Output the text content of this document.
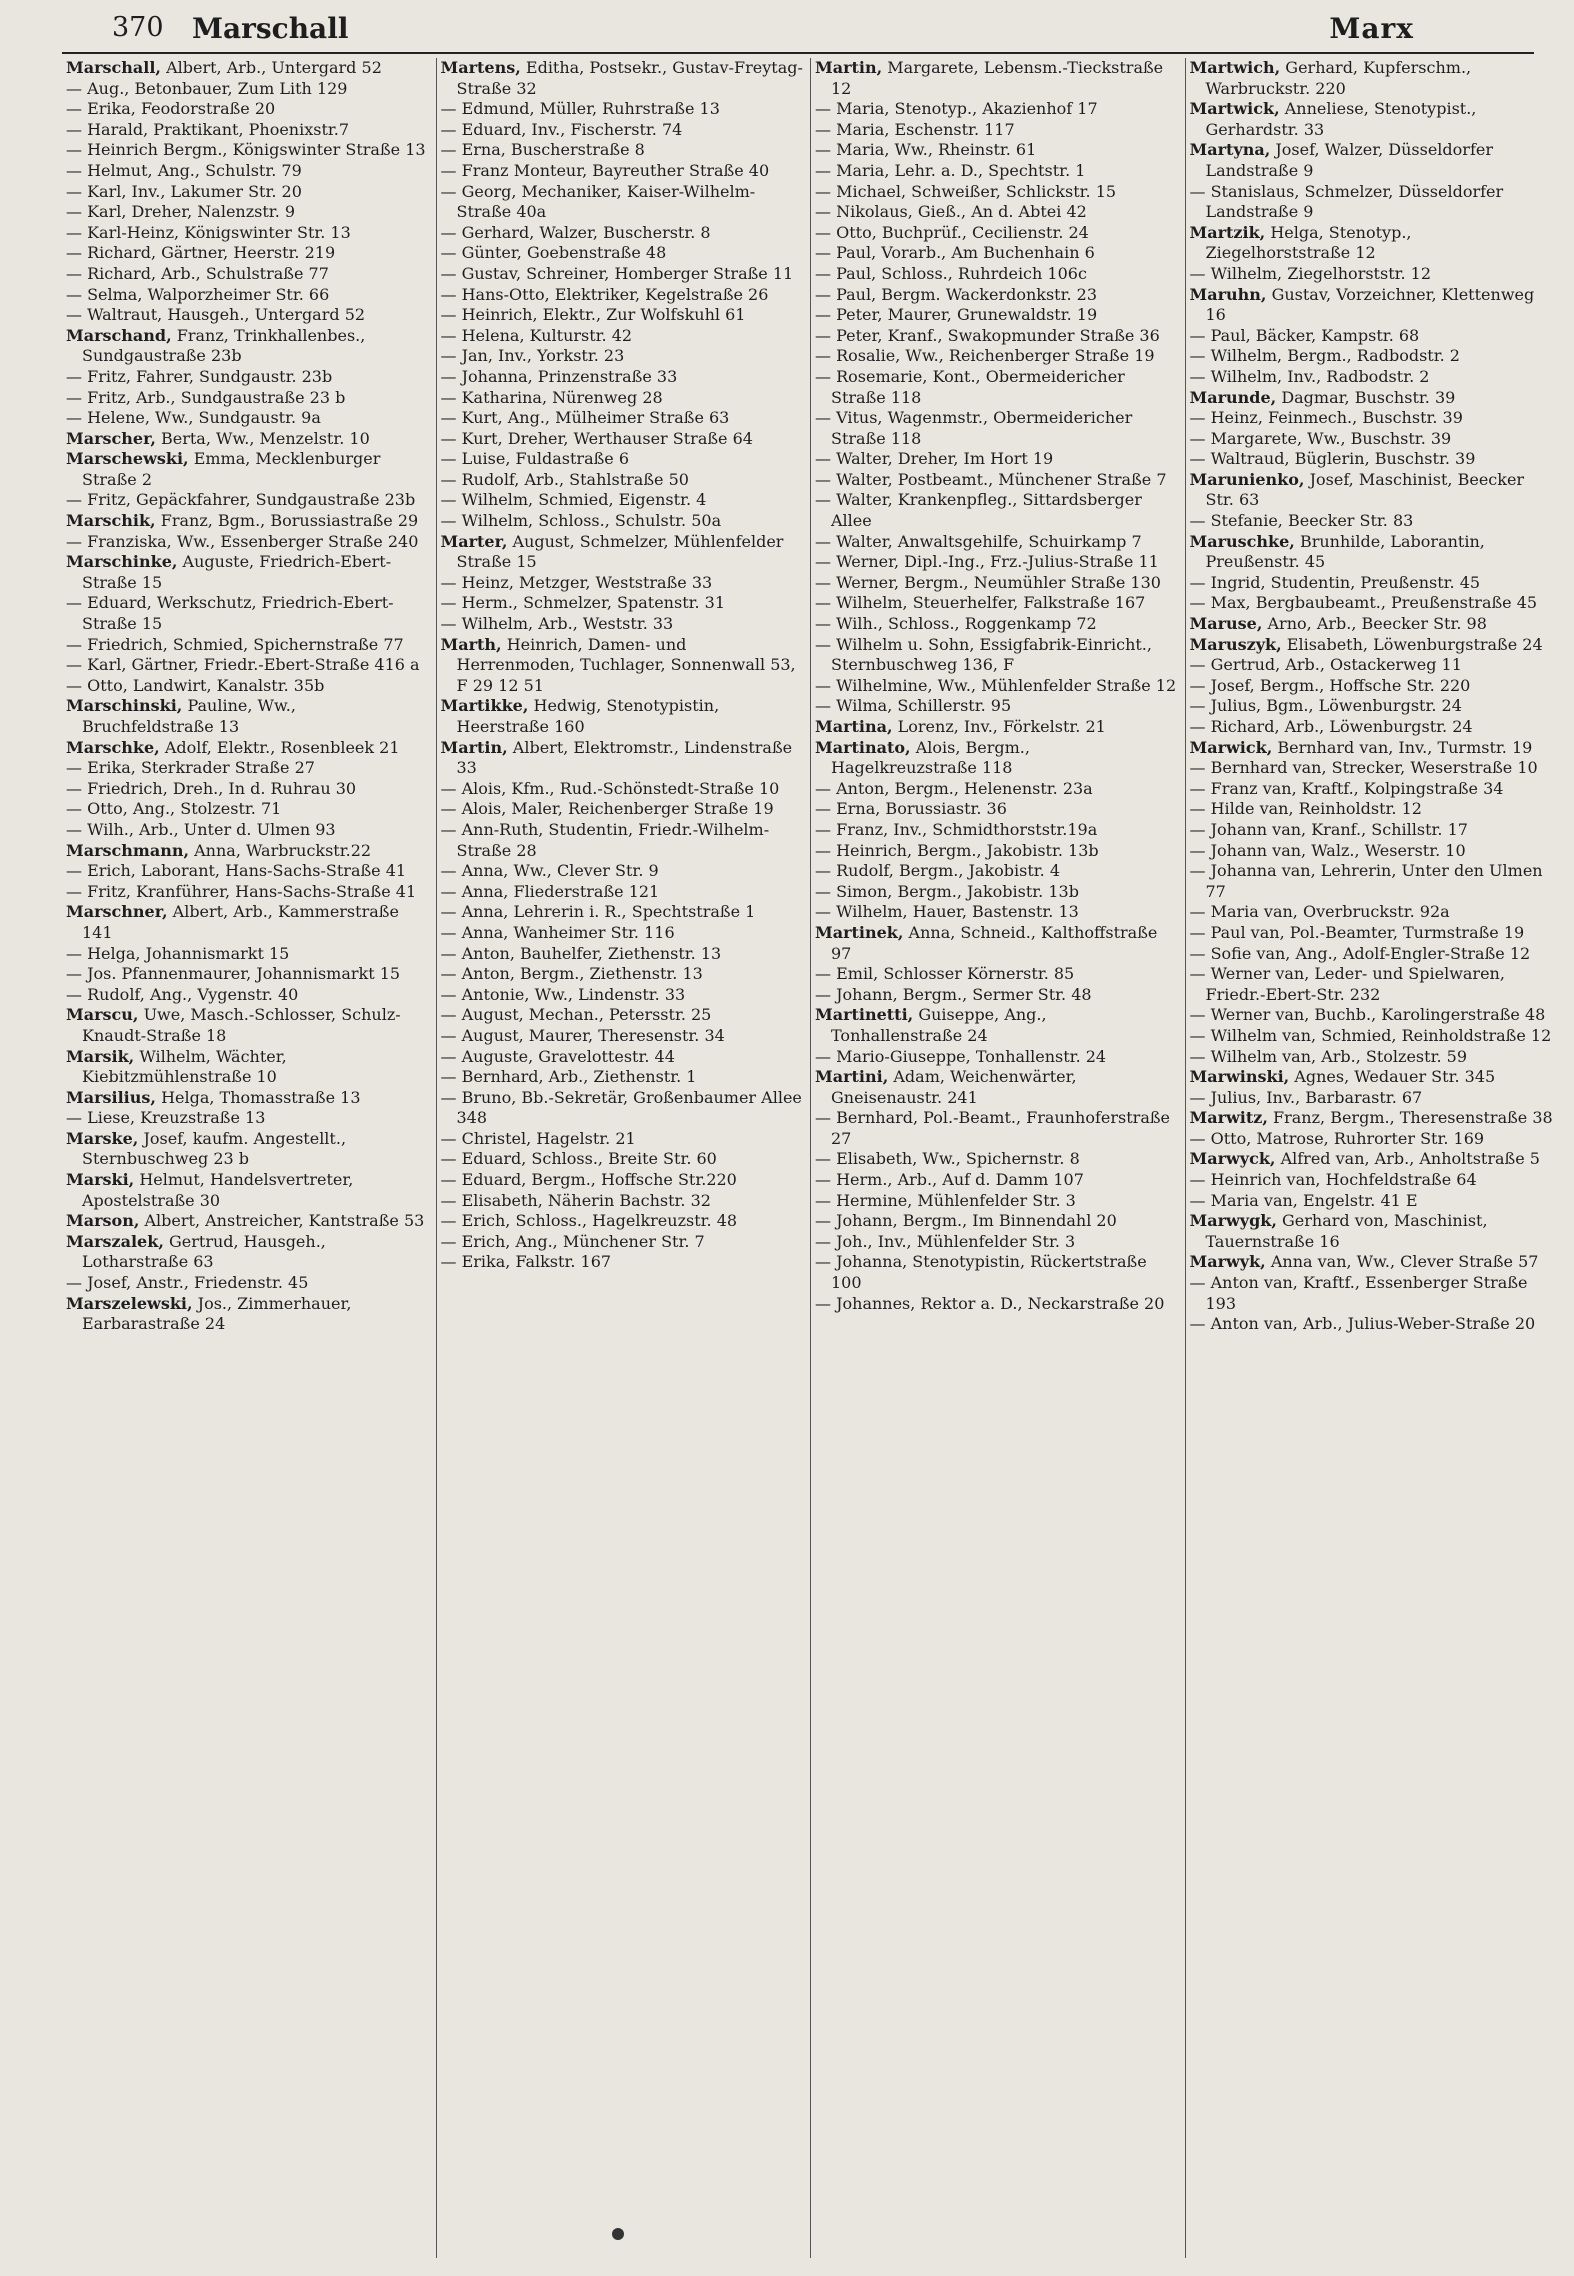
370 Marschall	Marx
Marschall, Albert, Arb., Untergard 52
— Aug., Betonbauer, Zum Lith 129
— Erika, Feodorstraße 20
— Harald, Praktikant, Phoenixstr.7
— Heinrich Bergm., Königswinter Straße 13
— Helmut, Ang., Schulstr. 79
— Karl, Inv., Lakumer Str. 20
— Karl, Dreher, Nalenzstr. 9
— Karl-Heinz, Königswinter Str. 13
— Richard, Gärtner, Heerstr. 219
— Richard, Arb., Schulstraße 77
— Selma, Walporzheimer Str. 66
— Waltraut, Hausgeh., Untergard 52
Marschand, Franz, Trinkhallenbes., Sundgaustraße 23b
— Fritz, Fahrer, Sundgaustr. 23b
— Fritz, Arb., Sundgaustraße 23 b
— Helene, Ww., Sundgaustr. 9a
Marscher, Berta, Ww., Menzelstr. 10
Marschewski, Emma, Mecklenburger Straße 2
— Fritz, Gepäckfahrer, Sundgaustraße 23b
Marschik, Franz, Bgm., Borussiastraße 29
— Franziska, Ww., Essenberger Straße 240
Marschinke, Auguste, Friedrich-Ebert-Straße 15
— Eduard, Werkschutz, Friedrich-Ebert-Straße 15
— Friedrich, Schmied, Spichernstraße 77
— Karl, Gärtner, Friedr.-Ebert-Straße 416 a
— Otto, Landwirt, Kanalstr. 35b
Marschinski, Pauline, Ww., Bruchfeldstraße 13
Marschke, Adolf, Elektr., Rosenbleek 21
— Erika, Sterkrader Straße 27
— Friedrich, Dreh., In d. Ruhrau 30
— Otto, Ang., Stolzestr. 71
— Wilh., Arb., Unter d. Ulmen 93
Marschmann, Anna, Warbruckstr.22
— Erich, Laborant, Hans-Sachs-Straße 41
— Fritz, Kranführer, Hans-Sachs-Straße 41
Marschner, Albert, Arb., Kammerstraße 141
— Helga, Johannismarkt 15
— Jos. Pfannenmaurer, Johannismarkt 15
— Rudolf, Ang., Vygenstr. 40
Marscu, Uwe, Masch.-Schlosser, Schulz-Knaudt-Straße 18
Marsik, Wilhelm, Wächter, Kiebitzmühlenstraße 10
Marsilius, Helga, Thomasstraße 13
— Liese, Kreuzstraße 13
Marske, Josef, kaufm. Angestellt., Sternbuschweg 23 b
Marski, Helmut, Handelsvertreter, Apostelstraße 30
Marson, Albert, Anstreicher, Kantstraße 53
Marszalek, Gertrud, Hausgeh., Lotharstraße 63
— Josef, Anstr., Friedenstr. 45
Marszelewski, Jos., Zimmerhauer, Earbarastraße 24
Martens, Editha, Postsekr., Gustav-Freytag-Straße 32
— Edmund, Müller, Ruhrstraße 13
— Eduard, Inv., Fischerstr. 74
— Erna, Buscherstraße 8
— Franz Monteur, Bayreuther Straße 40
— Georg, Mechaniker, Kaiser-Wilhelm-Straße 40a
— Gerhard, Walzer, Buscherstr. 8
— Günter, Goebenstraße 48
— Gustav, Schreiner, Homberger Straße 11
— Hans-Otto, Elektriker, Kegelstraße 26
— Heinrich, Elektr., Zur Wolfskuhl 61
— Helena, Kulturstr. 42
— Jan, Inv., Yorkstr. 23
— Johanna, Prinzenstraße 33
— Katharina, Nürenweg 28
— Kurt, Ang., Mülheimer Straße 63
— Kurt, Dreher, Werthauser Straße 64
— Luise, Fuldastraße 6
— Rudolf, Arb., Stahlstraße 50
— Wilhelm, Schmied, Eigenstr. 4
— Wilhelm, Schloss., Schulstr. 50a
Marter, August, Schmelzer, Mühlenfelder Straße 15
— Heinz, Metzger, Weststraße 33
— Herm., Schmelzer, Spatenstr. 31
— Wilhelm, Arb., Weststr. 33
Marth, Heinrich, Damen- und Herrenmoden, Tuchlager, Sonnenwall 53, F 29 12 51
Martikke, Hedwig, Stenotypistin, Heerstraße 160
Martin, Albert, Elektromstr., Lindenstraße 33
— Alois, Kfm., Rud.-Schönstedt-Straße 10
— Alois, Maler, Reichenberger Straße 19
— Ann-Ruth, Studentin, Friedr.-Wilhelm-Straße 28
— Anna, Ww., Clever Str. 9
— Anna, Fliederstraße 121
— Anna, Lehrerin i. R., Spechtstraße 1
— Anna, Wanheimer Str. 116
— Anton, Bauhelfer, Ziethenstr. 13
— Anton, Bergm., Ziethenstr. 13
— Antonie, Ww., Lindenstr. 33
— August, Mechan., Petersstr. 25
— August, Maurer, Theresenstr. 34
— Auguste, Gravelottestr. 44
— Bernhard, Arb., Ziethenstr. 1
— Bruno, Bb.-Sekretär, Großenbaumer Allee 348
— Christel, Hagelstr. 21
— Eduard, Schloss., Breite Str. 60
— Eduard, Bergm., Hoffsche Str.220
— Elisabeth, Näherin Bachstr. 32
— Erich, Schloss., Hagelkreuzstr. 48
— Erich, Ang., Münchener Str. 7
— Erika, Falkstr. 167
Martin, Margarete, Lebensm.-Tieckstraße 12
— Maria, Stenotyp., Akazienhof 17
— Maria, Eschenstr. 117
— Maria, Ww., Rheinstr. 61
— Maria, Lehr. a. D., Spechtstr. 1
— Michael, Schweißer, Schlickstr. 15
— Nikolaus, Gieß., An d. Abtei 42
— Otto, Buchprüf., Cecilienstr. 24
— Paul, Vorarb., Am Buchenhain 6
— Paul, Schloss., Ruhrdeich 106c
— Paul, Bergm. Wackerdonkstr. 23
— Peter, Maurer, Grunewaldstr. 19
— Peter, Kranf., Swakopmunder Straße 36
— Rosalie, Ww., Reichenberger Straße 19
— Rosemarie, Kont., Obermeidericher Straße 118
— Vitus, Wagenmstr., Obermeidericher Straße 118
— Walter, Dreher, Im Hort 19
— Walter, Postbeamt., Münchener Straße 7
— Walter, Krankenpfleg., Sittardsberger Allee
— Walter, Anwaltsgehilfe, Schuirkamp 7
— Werner, Dipl.-Ing., Frz.-Julius-Straße 11
— Werner, Bergm., Neumühler Straße 130
— Wilhelm, Steuerhelfer, Falkstraße 167
— Wilh., Schloss., Roggenkamp 72
— Wilhelm u. Sohn, Essigfabrik-Einricht., Sternbuschweg 136, F
— Wilhelmine, Ww., Mühlenfelder Straße 12
— Wilma, Schillerstr. 95
Martina, Lorenz, Inv., Förkelstr. 21
Martinato, Alois, Bergm., Hagelkreuzstraße 118
— Anton, Bergm., Helenenstr. 23a
— Erna, Borussiastr. 36
— Franz, Inv., Schmidthorststr.19a
— Heinrich, Bergm., Jakobistr. 13b
— Rudolf, Bergm., Jakobistr. 4
— Simon, Bergm., Jakobistr. 13b
— Wilhelm, Hauer, Bastenstr. 13
Martinek, Anna, Schneid., Kalthoffstraße 97
— Emil, Schlosser Körnerstr. 85
— Johann, Bergm., Sermer Str. 48
Martinetti, Guiseppe, Ang., Tonhallenstraße 24
— Mario-Giuseppe, Tonhallenstr. 24
Martini, Adam, Weichenwärter, Gneisenaustr. 241
— Bernhard, Pol.-Beamt., Fraunhoferstraße 27
— Elisabeth, Ww., Spichernstr. 8
— Herm., Arb., Auf d. Damm 107
— Hermine, Mühlenfelder Str. 3
— Johann, Bergm., Im Binnendahl 20
— Joh., Inv., Mühlenfelder Str. 3
— Johanna, Stenotypistin, Rückertstraße 100
— Johannes, Rektor a. D., Neckarstraße 20
Martwich, Gerhard, Kupferschm., Warbruckstr. 220
Martwick, Anneliese, Stenotypist., Gerhardstr. 33
Martyna, Josef, Walzer, Düsseldorfer Landstraße 9
— Stanislaus, Schmelzer, Düsseldorfer Landstraße 9
Martzik, Helga, Stenotyp., Ziegelhorststraße 12
— Wilhelm, Ziegelhorststr. 12
Maruhn, Gustav, Vorzeichner, Klettenweg 16
— Paul, Bäcker, Kampstr. 68
— Wilhelm, Bergm., Radbodstr. 2
— Wilhelm, Inv., Radbodstr. 2
Marunde, Dagmar, Buschstr. 39
— Heinz, Feinmech., Buschstr. 39
— Margarete, Ww., Buschstr. 39
— Waltraud, Büglerin, Buschstr. 39
Marunienko, Josef, Maschinist, Beecker Str. 63
— Stefanie, Beecker Str. 83
Maruschke, Brunhilde, Laborantin, Preußenstr. 45
— Ingrid, Studentin, Preußenstr. 45
— Max, Bergbaubeamt., Preußenstraße 45
Maruse, Arno, Arb., Beecker Str. 98
Maruszyk, Elisabeth, Löwenburgstraße 24
— Gertrud, Arb., Ostackerweg 11
— Josef, Bergm., Hoffsche Str. 220
— Julius, Bgm., Löwenburgstr. 24
— Richard, Arb., Löwenburgstr. 24
Marwick, Bernhard van, Inv., Turmstr. 19
— Bernhard van, Strecker, Weserstraße 10
— Franz van, Kraftf., Kolpingstraße 34
— Hilde van, Reinholdstr. 12
— Johann van, Kranf., Schillstr. 17
— Johann van, Walz., Weserstr. 10
— Johanna van, Lehrerin, Unter den Ulmen 77
— Maria van, Overbruckstr. 92a
— Paul van, Pol.-Beamter, Turmstraße 19
— Sofie van, Ang., Adolf-Engler-Straße 12
— Werner van, Leder- und Spielwaren, Friedr.-Ebert-Str. 232
— Werner van, Buchb., Karolingerstraße 48
— Wilhelm van, Schmied, Reinholdstraße 12
— Wilhelm van, Arb., Stolzestr. 59
Marwinski, Agnes, Wedauer Str. 345
— Julius, Inv., Barbarastr. 67
Marwitz, Franz, Bergm., Theresenstraße 38
— Otto, Matrose, Ruhrorter Str. 169
Marwyck, Alfred van, Arb., Anholtstraße 5
— Heinrich van, Hochfeldstraße 64
— Maria van, Engelstr. 41 E
Marwygk, Gerhard von, Maschinist, Tauernstraße 16
Marwyk, Anna van, Ww., Clever Straße 57
— Anton van, Kraftf., Essenberger Straße 193
— Anton van, Arb., Julius-Weber-Straße 20
